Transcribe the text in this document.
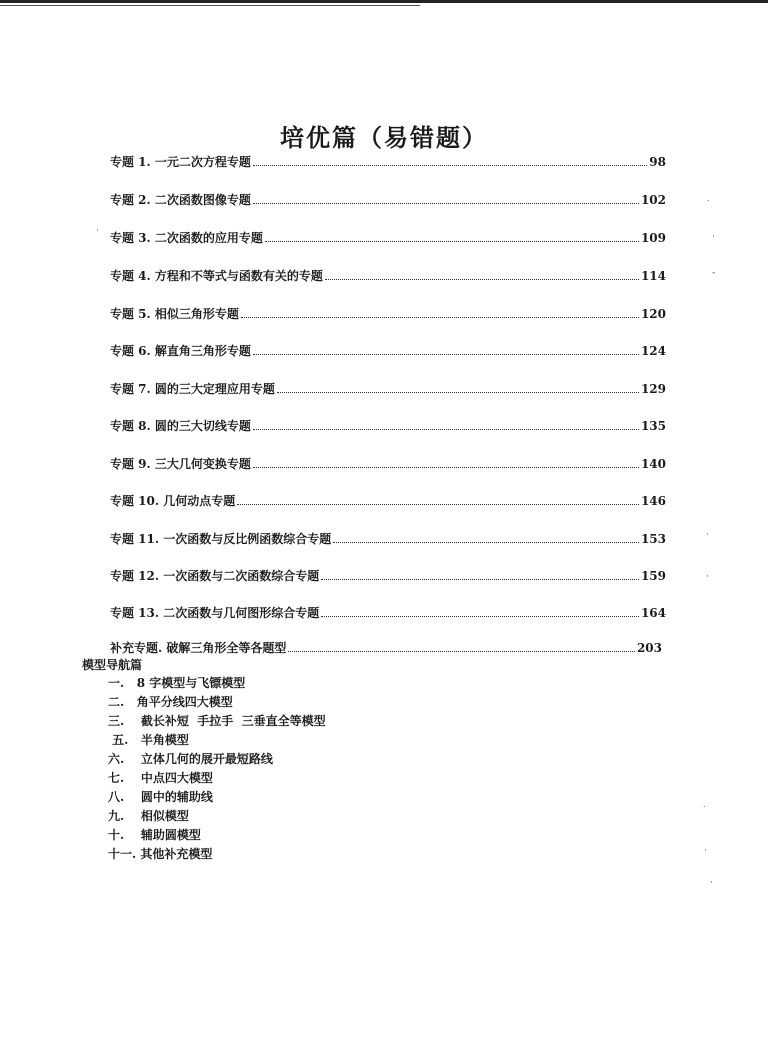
培优篇（易错题）
专题 1. 一元二次方程专题	98
专题 2. 二次函数图像专题	102
专题 3. 二次函数的应用专题	109
专题 4. 方程和不等式与函数有关的专题	114
专题 5. 相似三角形专题	120
专题 6. 解直角三角形专题	124
专题 7. 圆的三大定理应用专题	129
专题 8. 圆的三大切线专题	135
专题 9. 三大几何变换专题	140
专题 10. 几何动点专题	146
专题 11. 一次函数与反比例函数综合专题	153
专题 12. 一次函数与二次函数综合专题	159
专题 13. 二次函数与几何图形综合专题	164
补充专题. 破解三角形全等各题型	203
模型导航篇
一.   8 字模型与飞镖模型
二.   角平分线四大模型
三.    截长补短  手拉手  三垂直全等模型
五.   半角模型
六.    立体几何的展开最短路线
七.    中点四大模型
八.    圆中的辅助线
九.    相似模型
十.    辅助圆模型
十一. 其他补充模型
˙
·
-
·
·
˙
·
·
·
